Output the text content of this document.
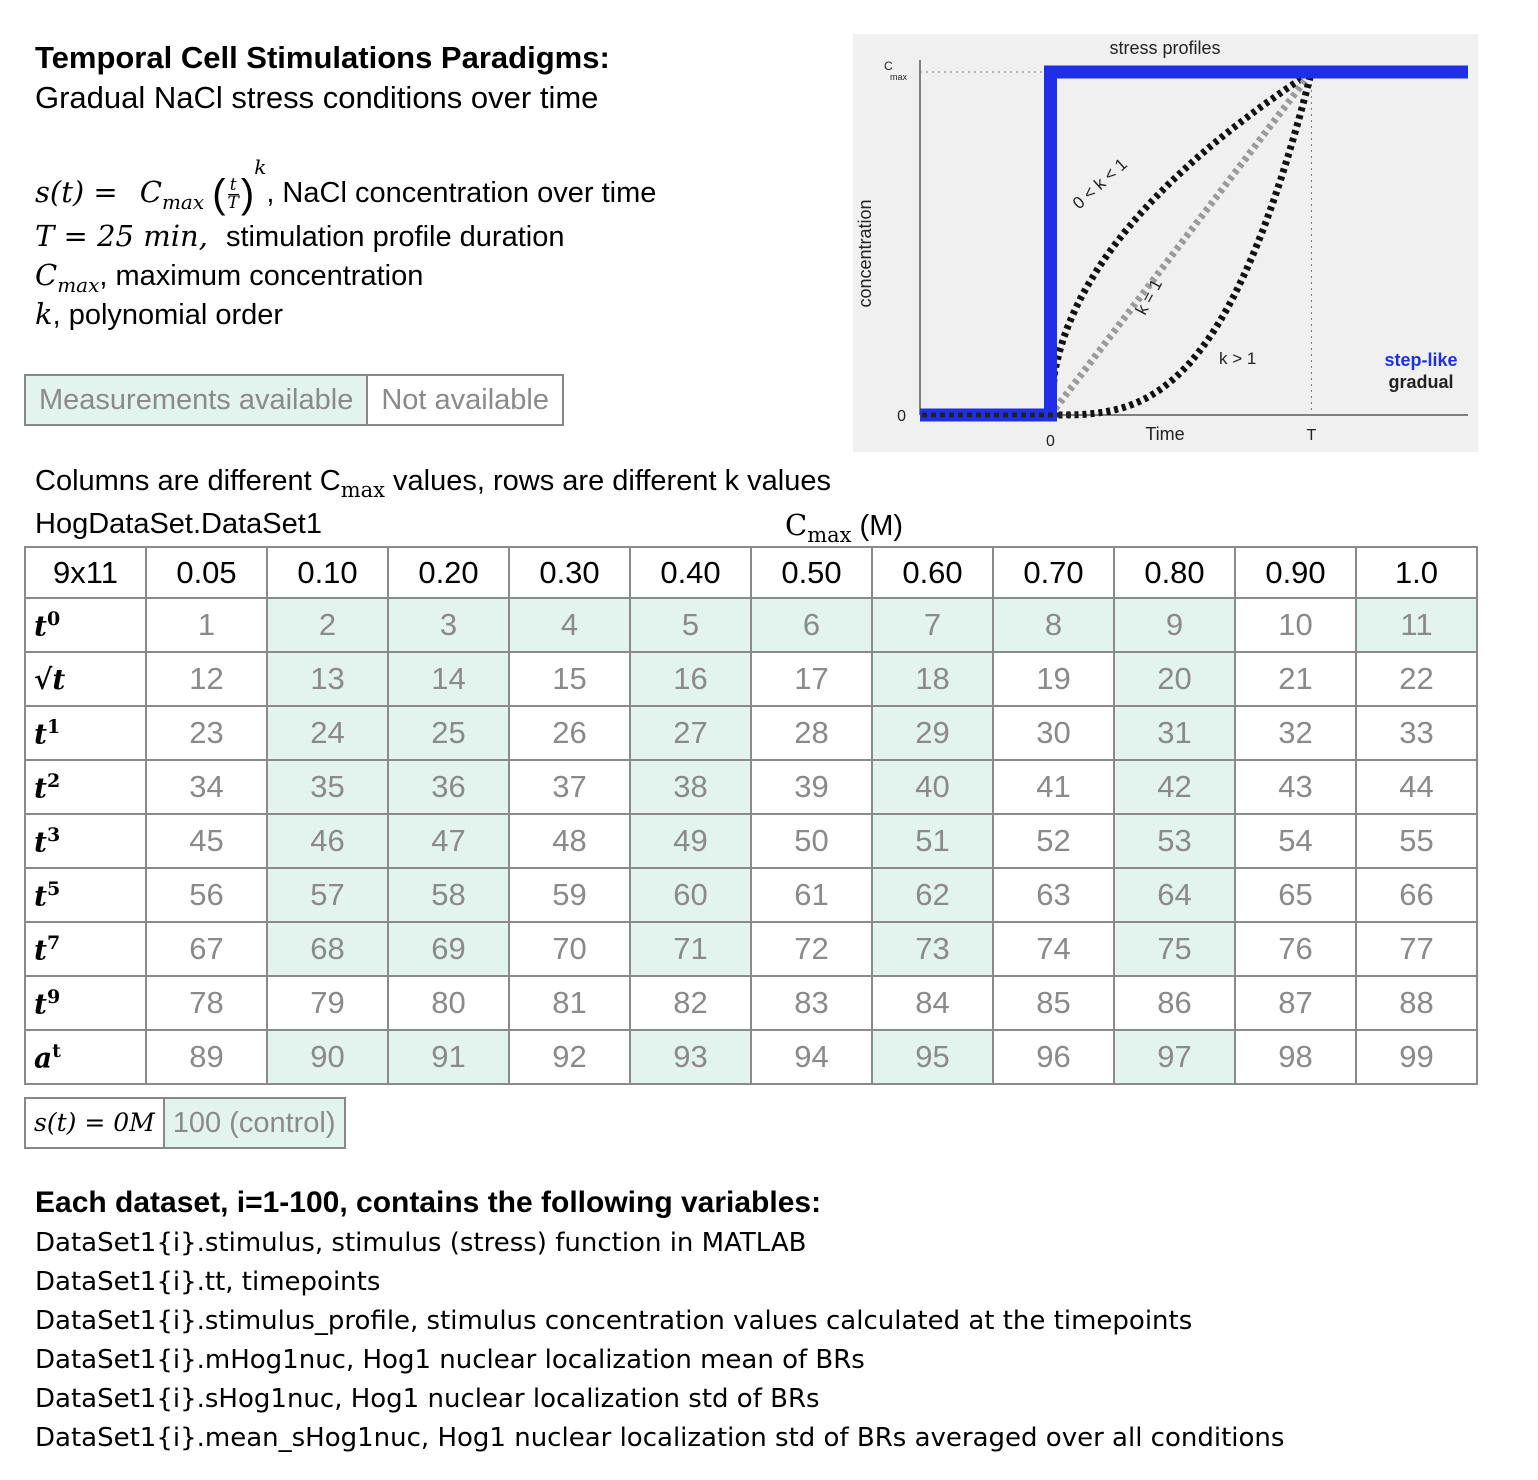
Temporal Cell Stimulations Paradigms:
Gradual NaCl stress conditions over time
$s(t) = C_{max}$ ( $\frac{t}{T} )^k$, NaCl concentration over time
T = 25 min, stimulation profile duration
$C_{max}$, maximum concentration
k, polynomial order
Measurements available Not available
stress profiles
Time
concentration
0	T
0
C
max
0 < k < 1
k = 1
k > 1	step-like
gradual
Columns are different $C_{max}$ values, rows are different k values
HogDataSet.DataSet1	$C_{max}$ (M)
9x11	0.05	0.10	0.20	0.30	0.40	0.50	0.60	0.70	0.80	0.90	1.0
$t^0$	1	2	3	4	5	6	7	8	9	10	11
√t	12	13	14	15	16	17	18	19	20	21	22
$t^1$	23	24	25	26	27	28	29	30	31	32	33
$t^2$	34	35	36	37	38	39	40	41	42	43	44
$t^3$	45	46	47	48	49	50	51	52	53	54	55
$t^5$	56	57	58	59	60	61	62	63	64	65	66
$t^7$	67	68	69	70	71	72	73	74	75	76	77
$t^9$	78	79	80	81	82	83	84	85	86	87	88
$a^t$	89	90	91	92	93	94	95	96	97	98	99
s(t) = 0M 100 (control)
Each dataset, i=1-100, contains the following variables:
DataSet1{i}.stimulus, stimulus (stress) function in MATLAB
DataSet1{i}.tt, timepoints
DataSet1{i}.stimulus_profile, stimulus concentration values calculated at the timepoints
DataSet1{i}.mHog1nuc, Hog1 nuclear localization mean of BRs
DataSet1{i}.sHog1nuc, Hog1 nuclear localization std of BRs
DataSet1{i}.mean_sHog1nuc, Hog1 nuclear localization std of BRs averaged over all conditions
